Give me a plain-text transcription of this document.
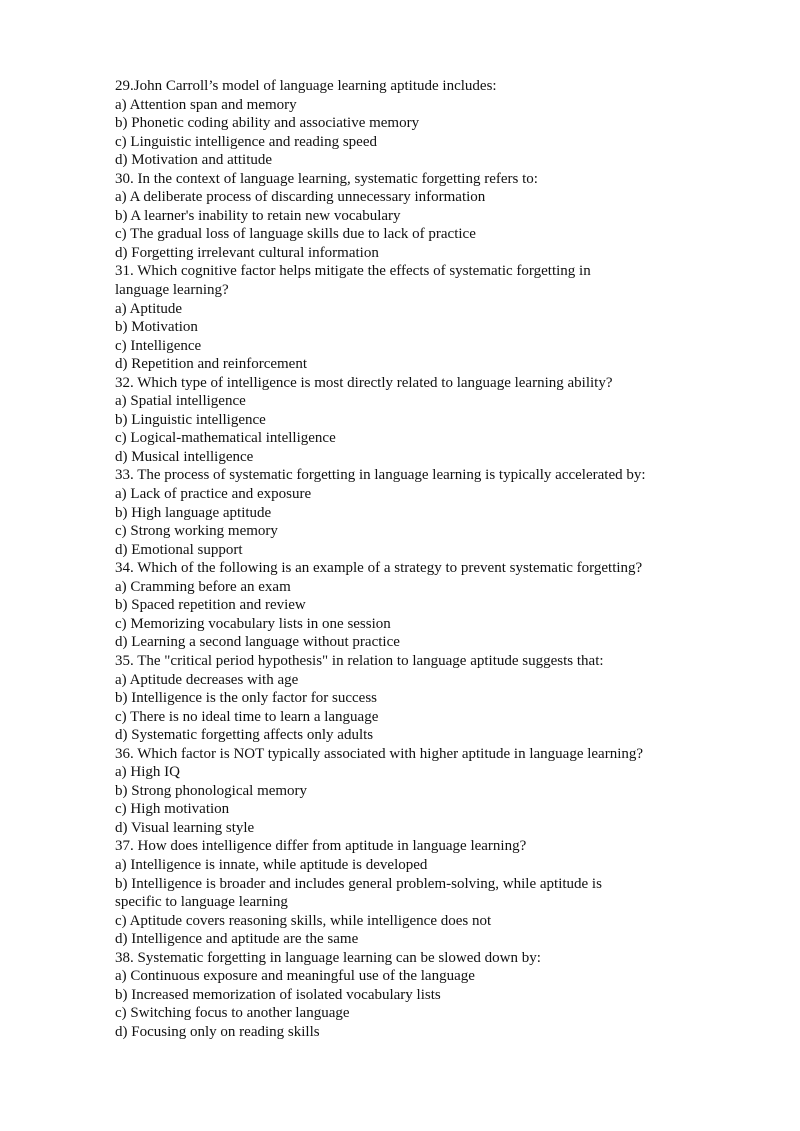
29.John Carroll’s model of language learning aptitude includes:

a) Attention span and memory

b) Phonetic coding ability and associative memory

c) Linguistic intelligence and reading speed

d) Motivation and attitude

30. In the context of language learning, systematic forgetting refers to:

a) A deliberate process of discarding unnecessary information

b) A learner's inability to retain new vocabulary

c) The gradual loss of language skills due to lack of practice

d) Forgetting irrelevant cultural information

31. Which cognitive factor helps mitigate the effects of systematic forgetting in

language learning?

a) Aptitude

b) Motivation

c) Intelligence

d) Repetition and reinforcement

32. Which type of intelligence is most directly related to language learning ability?

a) Spatial intelligence

b) Linguistic intelligence

c) Logical-mathematical intelligence

d) Musical intelligence

33. The process of systematic forgetting in language learning is typically accelerated by:

a) Lack of practice and exposure

b) High language aptitude

c) Strong working memory

d) Emotional support

34. Which of the following is an example of a strategy to prevent systematic forgetting?

a) Cramming before an exam

b) Spaced repetition and review

c) Memorizing vocabulary lists in one session

d) Learning a second language without practice

35. The "critical period hypothesis" in relation to language aptitude suggests that:

a) Aptitude decreases with age

b) Intelligence is the only factor for success

c) There is no ideal time to learn a language

d) Systematic forgetting affects only adults

36. Which factor is NOT typically associated with higher aptitude in language learning?

a) High IQ

b) Strong phonological memory

c) High motivation

d) Visual learning style

37. How does intelligence differ from aptitude in language learning?

a) Intelligence is innate, while aptitude is developed

b) Intelligence is broader and includes general problem-solving, while aptitude is

specific to language learning

c) Aptitude covers reasoning skills, while intelligence does not

d) Intelligence and aptitude are the same

38. Systematic forgetting in language learning can be slowed down by:

a) Continuous exposure and meaningful use of the language

b) Increased memorization of isolated vocabulary lists

c) Switching focus to another language

d) Focusing only on reading skills
